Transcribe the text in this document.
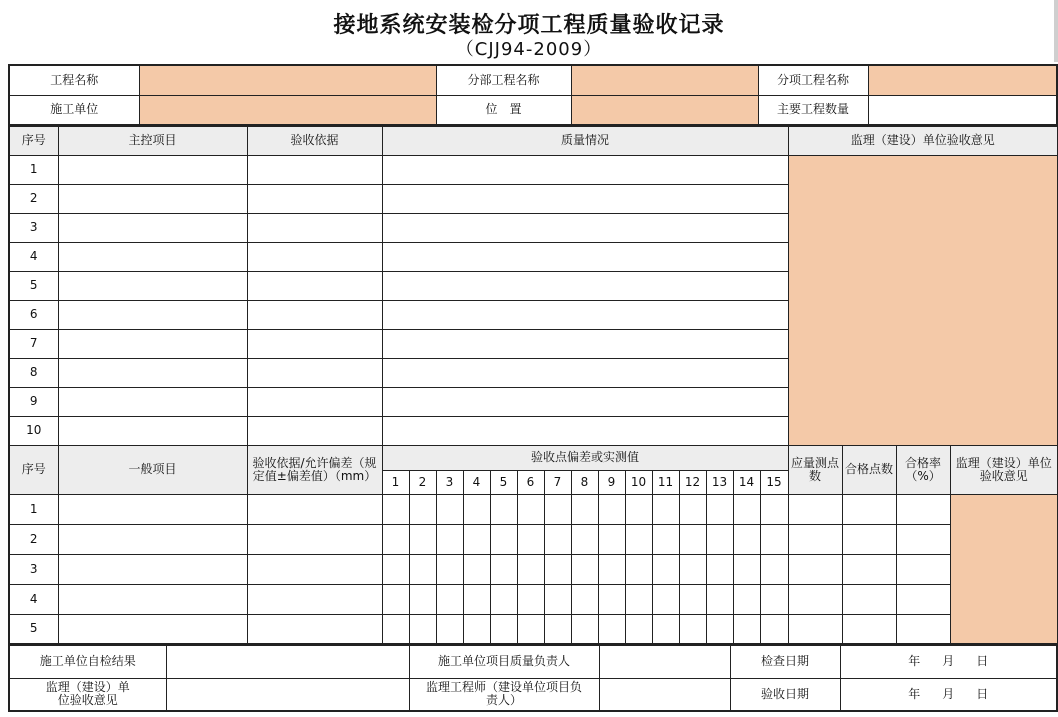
接地系统安装检分项工程质量验收记录
（CJJ94-2009）
工程名称		分部工程名称		分项工程名称	
施工单位		位　置		主要工程数量	
序号	主控项目	验收依据	质量情况															监理（建设）单位验收意见			
1																					
2																					
3																					
4																					
5																					
6																					
7																					
8																					
9																					
10																					
序号	一般项目	验收依据/允许偏差（规定值±偏差值）（mm）	验收点偏差或实测值															应量测点数	合格点数	合格率（%）	监理（建设）单位验收意见
			1	2	3	4	5	6	7	8	9	10	11	12	13	14	15				
1																					
2																					
3																					
4																					
5																					
施工单位自检结果		施工单位项目质量负责人		检查日期	年 月 日
监理（建设）单位验收意见		监理工程师（建设单位项目负责人）		验收日期	年 月 日
